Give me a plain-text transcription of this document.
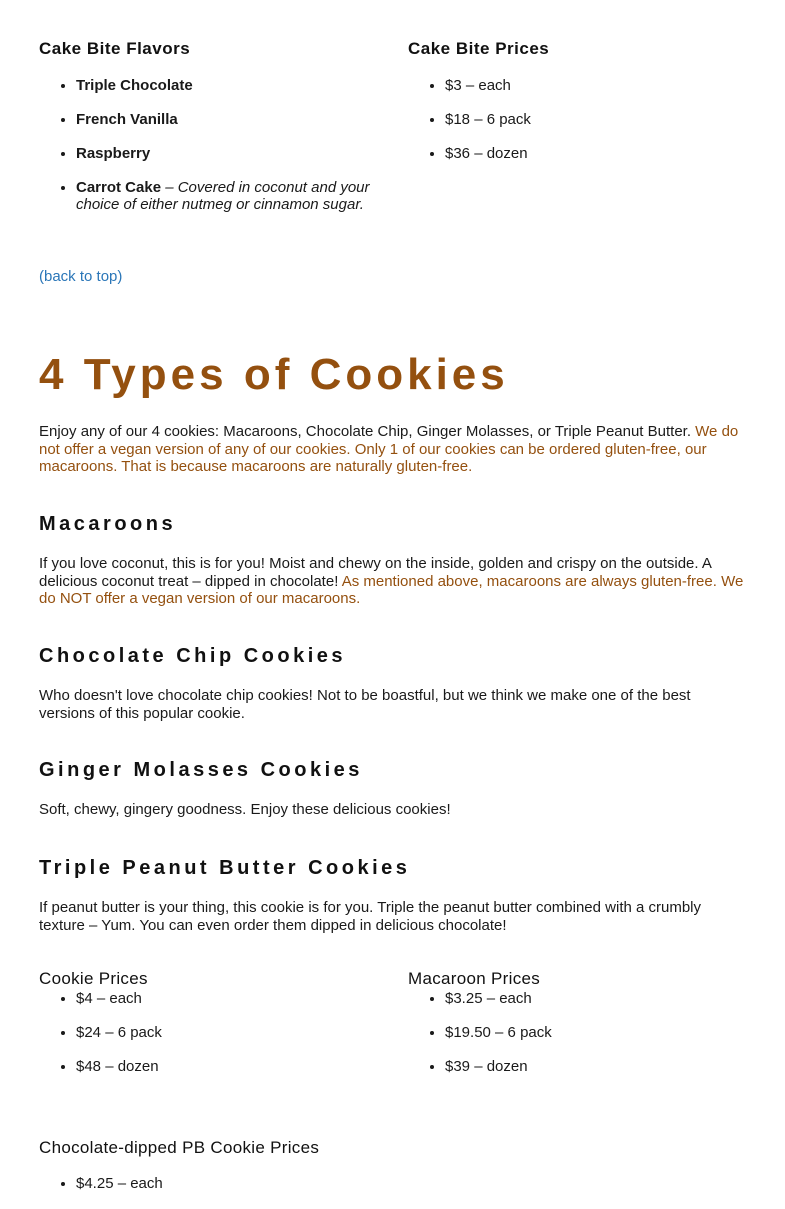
Cake Bite Flavors
• Triple Chocolate
• French Vanilla
• Raspberry
• Carrot Cake – Covered in coconut and your choice of either nutmeg or cinnamon sugar.
Cake Bite Prices
• $3 – each
• $18 – 6 pack
• $36 – dozen
(back to top)
4 Types of Cookies
Enjoy any of our 4 cookies: Macaroons, Chocolate Chip, Ginger Molasses, or Triple Peanut Butter. We do not offer a vegan version of any of our cookies. Only 1 of our cookies can be ordered gluten-free, our macaroons. That is because macaroons are naturally gluten-free.
Macaroons
If you love coconut, this is for you! Moist and chewy on the inside, golden and crispy on the outside. A delicious coconut treat – dipped in chocolate! As mentioned above, macaroons are always gluten-free. We do NOT offer a vegan version of our macaroons.
Chocolate Chip Cookies
Who doesn't love chocolate chip cookies! Not to be boastful, but we think we make one of the best versions of this popular cookie.
Ginger Molasses Cookies
Soft, chewy, gingery goodness. Enjoy these delicious cookies!
Triple Peanut Butter Cookies
If peanut butter is your thing, this cookie is for you. Triple the peanut butter combined with a crumbly texture – Yum. You can even order them dipped in delicious chocolate!
Cookie Prices
• $4 – each
• $24 – 6 pack
• $48 – dozen
Macaroon Prices
• $3.25 – each
• $19.50 – 6 pack
• $39 – dozen
Chocolate-dipped PB Cookie Prices
• $4.25 – each
